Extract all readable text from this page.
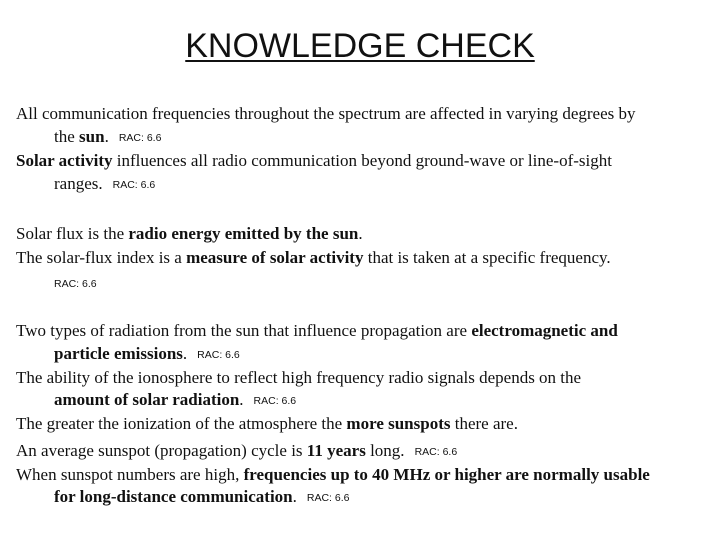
KNOWLEDGE CHECK
All communication frequencies throughout the spectrum are affected in varying degrees by
the sun. RAC: 6.6
Solar activity influences all radio communication beyond ground-wave or line-of-sight
ranges. RAC: 6.6
Solar flux is the radio energy emitted by the sun.
The solar-flux index is a measure of solar activity that is taken at a specific frequency.
RAC: 6.6
Two types of radiation from the sun that influence propagation are electromagnetic and
particle emissions. RAC: 6.6
The ability of the ionosphere to reflect high frequency radio signals depends on the
amount of solar radiation. RAC: 6.6
The greater the ionization of the atmosphere the more sunspots there are.
An average sunspot (propagation) cycle is 11 years long. RAC: 6.6
When sunspot numbers are high, frequencies up to 40 MHz or higher are normally usable
for long-distance communication. RAC: 6.6
